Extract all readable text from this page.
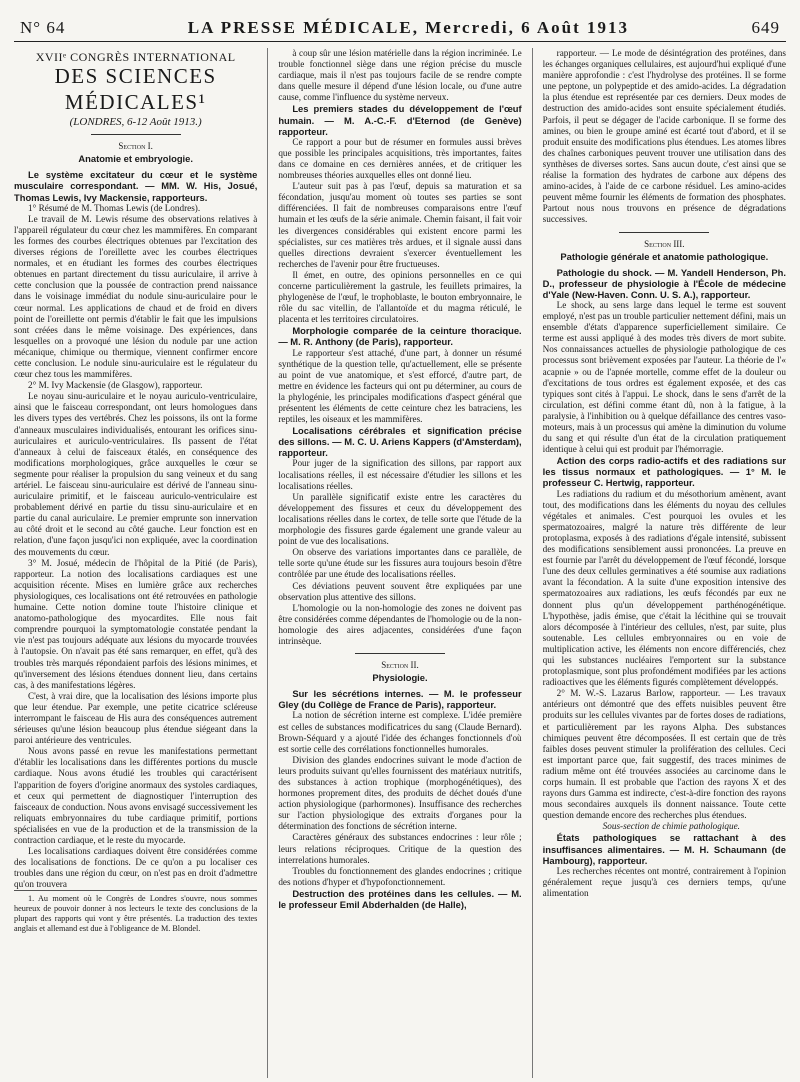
N° 64	LA PRESSE MÉDICALE, Mercredi, 6 Août 1913	649
XVIIᵉ CONGRÈS INTERNATIONAL
DES SCIENCES MÉDICALES¹
(LONDRES, 6-12 Août 1913.)

Section I.

Anatomie et embryologie.

Le système excitateur du cœur et le système musculaire correspondant. — MM. W. His, Josué, Thomas Lewis, Ivy Mackensie, rapporteurs.

1° Résumé de M. Thomas Lewis (de Londres).

Le travail de M. Lewis résume des observations relatives à l'appareil régulateur du cœur chez les mammifères. En comparant les formes des courbes électriques obtenues par l'excitation des diverses régions de l'oreillette avec les courbes électriques normales, et en étudiant les formes des courbes électriques obtenues en partant directement du tissu auriculaire, il arrive à cette conclusion que la poussée de contraction prend naissance dans le voisinage immédiat du nodule sinu-auriculaire pour le cœur normal. Les applications de chaud et de froid en divers point de l'oreillette ont permis d'établir le fait que les impulsions sont créées dans le même voisinage. Des expériences, dans lesquelles on a provoqué une lésion du nodule par une action mécanique, chimique ou thermique, viennent confirmer encore cette conclusion. Le nodule sinu-auriculaire est le régulateur du cœur chez tous les mammifères.

2° M. Ivy Mackensie (de Glasgow), rapporteur.

Le noyau sinu-auriculaire et le noyau auriculo-ventriculaire, ainsi que le faisceau correspondant, ont leurs homologues dans les divers types des vertébrés. Chez les poissons, ils ont la forme d'anneaux musculaires individualisés, entourant les orifices sinu-auriculaires et auriculo-ventriculaires. Ils passent de l'état d'anneaux à celui de faisceaux étalés, en conséquence des modifications morphologiques, grâce auxquelles le cœur se segmente pour réaliser la propulsion du sang veineux et du sang artériel. Le faisceau sinu-auriculaire est dérivé de l'anneau sinu-auriculaire primitif, et le faisceau auriculo-ventriculaire est probablement dérivé en partie du tissu sinu-auriculaire et en partie du canal auriculaire. Le premier emprunte son innervation au côté droit et le second au côté gauche. Leur fonction est en relation, d'une façon jusqu'ici non expliquée, avec la coordination des mouvements du cœur.

3° M. Josué, médecin de l'hôpital de la Pitié (de Paris), rapporteur. La notion des localisations cardiaques est une acquisition récente. Mises en lumière grâce aux recherches physiologiques, ces localisations ont été retrouvées en pathologie humaine. Cette notion domine toute l'histoire clinique et anatomo-pathologique des myocardites. Elle nous fait comprendre pourquoi la symptomatologie constatée pendant la vie n'est pas toujours adéquate aux lésions du myocarde trouvées à l'autopsie. On n'avait pas été sans remarquer, en effet, qu'à des troubles très marqués répondaient parfois des lésions minimes, et qu'inversement des lésions étendues donnent lieu, dans certains cas, à des manifestations légères.

C'est, à vrai dire, que la localisation des lésions importe plus que leur étendue. Par exemple, une petite cicatrice scléreuse interrompant le faisceau de His aura des conséquences autrement sérieuses qu'une lésion beaucoup plus étendue siégeant dans la paroi antérieure des ventricules.

Nous avons passé en revue les manifestations permettant d'établir les localisations dans les différentes portions du muscle cardiaque. Nous avons étudié les troubles qui caractérisent l'apparition de foyers d'origine anormaux des systoles cardiaques, et ceux qui permettent de diagnostiquer l'interruption des faisceaux de conduction. Nous avons envisagé successivement les reliquats embryonnaires du tube cardiaque primitif, portions spécialisées en vue de la production et de la transmission de la contraction cardiaque, et le reste du myocarde.

Les localisations cardiaques doivent être considérées comme des localisations de fonctions. De ce qu'on a pu localiser ces troubles dans une région du cœur, on n'est pas en droit d'admettre qu'on trouvera

1. Au moment où le Congrès de Londres s'ouvre, nous sommes heureux de pouvoir donner à nos lecteurs le texte des conclusions de la plupart des rapports qui vont y être présentés. La traduction des textes anglais et allemand est due à l'obligeance de M. Blondel.

à coup sûr une lésion matérielle dans la région incriminée. Le trouble fonctionnel siège dans une région précise du muscle cardiaque, mais il n'est pas toujours facile de se rendre compte dans quelle mesure il dépend d'une lésion locale, ou d'une autre cause, comme l'influence du système nerveux.

Les premiers stades du développement de l'œuf humain. — M. A.-C.-F. d'Eternod (de Genève) rapporteur.

Ce rapport a pour but de résumer en formules aussi brèves que possible les principales acquisitions, très importantes, faites dans ce domaine en ces dernières années, et de critiquer les nombreuses théories auxquelles elles ont donné lieu.

L'auteur suit pas à pas l'œuf, depuis sa maturation et sa fécondation, jusqu'au moment où toutes ses parties se sont différenciées. Il fait de nombreuses comparaisons entre l'œuf humain et les œufs de la série animale. Chemin faisant, il fait voir les divergences considérables qui existent encore parmi les spécialistes, sur ces matières très ardues, et il signale aussi dans quelles directions devraient s'exercer éventuellement les recherches de l'avenir pour être fructueuses.

Il émet, en outre, des opinions personnelles en ce qui concerne particulièrement la gastrule, les feuillets primaires, la phylogenèse de l'œuf, le trophoblaste, le bouton embryonnaire, le rôle du sac vitellin, de l'allantoïde et du magma réticulé, le placenta et les territoires circulatoires.

Morphologie comparée de la ceinture thoracique. — M. R. Anthony (de Paris), rapporteur.

Le rapporteur s'est attaché, d'une part, à donner un résumé synthétique de la question telle, qu'actuellement, elle se présente au point de vue anatomique, et s'est efforcé, d'autre part, de mettre en évidence les facteurs qui ont pu déterminer, au cours de la phylogénie, les principales modifications d'aspect général que présentent les éléments de cette ceinture chez les batraciens, les reptiles, les oiseaux et les mammifères.

Localisations cérébrales et signification précise des sillons. — M. C. U. Ariens Kappers (d'Amsterdam), rapporteur.

Pour juger de la signification des sillons, par rapport aux localisations réelles, il est nécessaire d'étudier les sillons et les localisations réelles.

Un parallèle significatif existe entre les caractères du développement des fissures et ceux du développement des localisations réelles dans le cortex, de telle sorte que l'étude de la morphologie des fissures garde également une grande valeur au point de vue des localisations.

On observe des variations importantes dans ce parallèle, de telle sorte qu'une étude sur les fissures aura toujours besoin d'être contrôlée par une étude des localisations réelles.

Ces déviations peuvent souvent être expliquées par une observation plus attentive des sillons.

L'homologie ou la non-homologie des zones ne doivent pas être considérées comme dépendantes de l'homologie ou de la non-homologie des aires adjacentes, considérées d'une façon intrinsèque.

Section II.

Physiologie.

Sur les sécrétions internes. — M. le professeur Gley (du Collège de France de Paris), rapporteur.

La notion de sécrétion interne est complexe. L'idée première est celles de substances modificatrices du sang (Claude Bernard). Brown-Séquard y a ajouté l'idée des échanges fonctionnels d'où est sortie celle des corrélations fonctionnelles humorales.

Division des glandes endocrines suivant le mode d'action de leurs produits suivant qu'elles fournissent des matériaux nutritifs, des substances à action trophique (morphogénétiques), des hormones proprement dites, des produits de déchet doués d'une action physiologique (parhormones). Insuffisance des recherches sur l'action physiologique des extraits d'organes pour la détermination des fonctions de sécrétion interne.

Caractères généraux des substances endocrines : leur rôle ; leurs relations réciproques. Critique de la question des interrelations humorales.

Troubles du fonctionnement des glandes endocrines ; critique des notions d'hyper et d'hypofonctionnement.

Destruction des protéines dans les cellules. — M. le professeur Emil Abderhalden (de Halle),

rapporteur. — Le mode de désintégration des protéines, dans les échanges organiques cellulaires, est aujourd'hui expliqué d'une manière approfondie : c'est l'hydrolyse des protéines. Il se forme une peptone, un polypeptide et des amido-acides. La dégradation la plus étendue est représentée par ces derniers. Deux modes de destruction des amido-acides sont ensuite spécialement étudiés. Parfois, il peut se dégager de l'acide carbonique. Il se forme des amines, ou bien le groupe aminé est écarté tout d'abord, et il se produit ensuite des modifications plus étendues. Les atomes libres des chaînes carboniques peuvent trouver une utilisation dans des synthèses de diverses sortes. Sans aucun doute, c'est ainsi que se réalise la formation des hydrates de carbone aux dépens des amino-acides, à l'aide de ce carbone résiduel. Les amino-acides peuvent même fournir les éléments de formation des phosphates. Partout nous nous trouvons en présence de dégradations successives.

Section III.

Pathologie générale et anatomie pathologique.

Pathologie du shock. — M. Yandell Henderson, Ph. D., professeur de physiologie à l'École de médecine d'Yale (New-Haven. Conn. U. S. A.), rapporteur.

Le shock, au sens large dans lequel le terme est souvent employé, n'est pas un trouble particulier nettement défini, mais un ensemble d'états d'apparence superficiellement similaire. Ce terme est aussi appliqué à des modes très divers de mort subite. Nos connaissances actuelles de physiologie pathologique de ces processus sont brièvement exposées par l'auteur. La théorie de l'« acapnie » ou de l'apnée mortelle, comme effet de la douleur ou d'excitations de tous ordres est également exposée, et des cas typiques sont cités à l'appui. Le shock, dans le sens d'arrêt de la circulation, est défini comme étant dû, non à la fatigue, à la paralysie, à l'inhibition ou à quelque défaillance des centres vaso-moteurs, mais à un processus qui amène la diminution du volume du sang et qui résulte d'un état de la circulation pratiquement identique à celui qui est produit par l'hémorragie.

Action des corps radio-actifs et des radiations sur les tissus normaux et pathologiques. — 1° M. le professeur C. Hertwig, rapporteur.

Les radiations du radium et du mésothorium amènent, avant tout, des modifications dans les éléments du noyau des cellules végétales et animales. C'est pourquoi les ovules et les spermatozoaires, malgré la nature très différente de leur protoplasma, exposés à des radiations d'égale intensité, subissent des modifications sensiblement aussi prononcées. La preuve en est fournie par l'arrêt du développement de l'œuf fécondé, lorsque l'une des deux cellules germinatives a été soumise aux radiations avant la fécondation. A la suite d'une exposition intensive des spermatozoaires aux radiations, les œufs fécondés par eux ne donnent plus qu'un développement parthénogénétique. L'hypothèse, jadis émise, que c'était la lécithine qui se trouvait alors décomposée à l'intérieur des cellules, n'est, par suite, plus soutenable. Les cellules embryonnaires ou en voie de multiplication active, les éléments non encore différenciés, chez qui les substances nucléaires l'emportent sur la substance protoplasmique, sont plus profondément modifiées par les actions radioactives que les éléments figurés complètement développés.

2° M. W.-S. Lazarus Barlow, rapporteur. — Les travaux antérieurs ont démontré que des effets nuisibles peuvent être produits sur les cellules vivantes par de fortes doses de radiations, et particulièrement par les rayons Alpha. Des substances chimiques peuvent être décomposées. Il est certain que de très faibles doses peuvent stimuler la prolifération des cellules. Ceci est important parce que, fait suggestif, des traces minimes de radium même ont été trouvées associées au carcinome dans le corps humain. Il est probable que l'action des rayons X et des rayons durs Gamma est indirecte, c'est-à-dire fonction des rayons mous secondaires auxquels ils donnent naissance. Toute cette question demande encore des recherches plus étendues.

Sous-section de chimie pathologique.

États pathologiques se rattachant à des insuffisances alimentaires. — M. H. Schaumann (de Hambourg), rapporteur.

Les recherches récentes ont montré, contrairement à l'opinion généralement reçue jusqu'à ces derniers temps, qu'une alimentation
